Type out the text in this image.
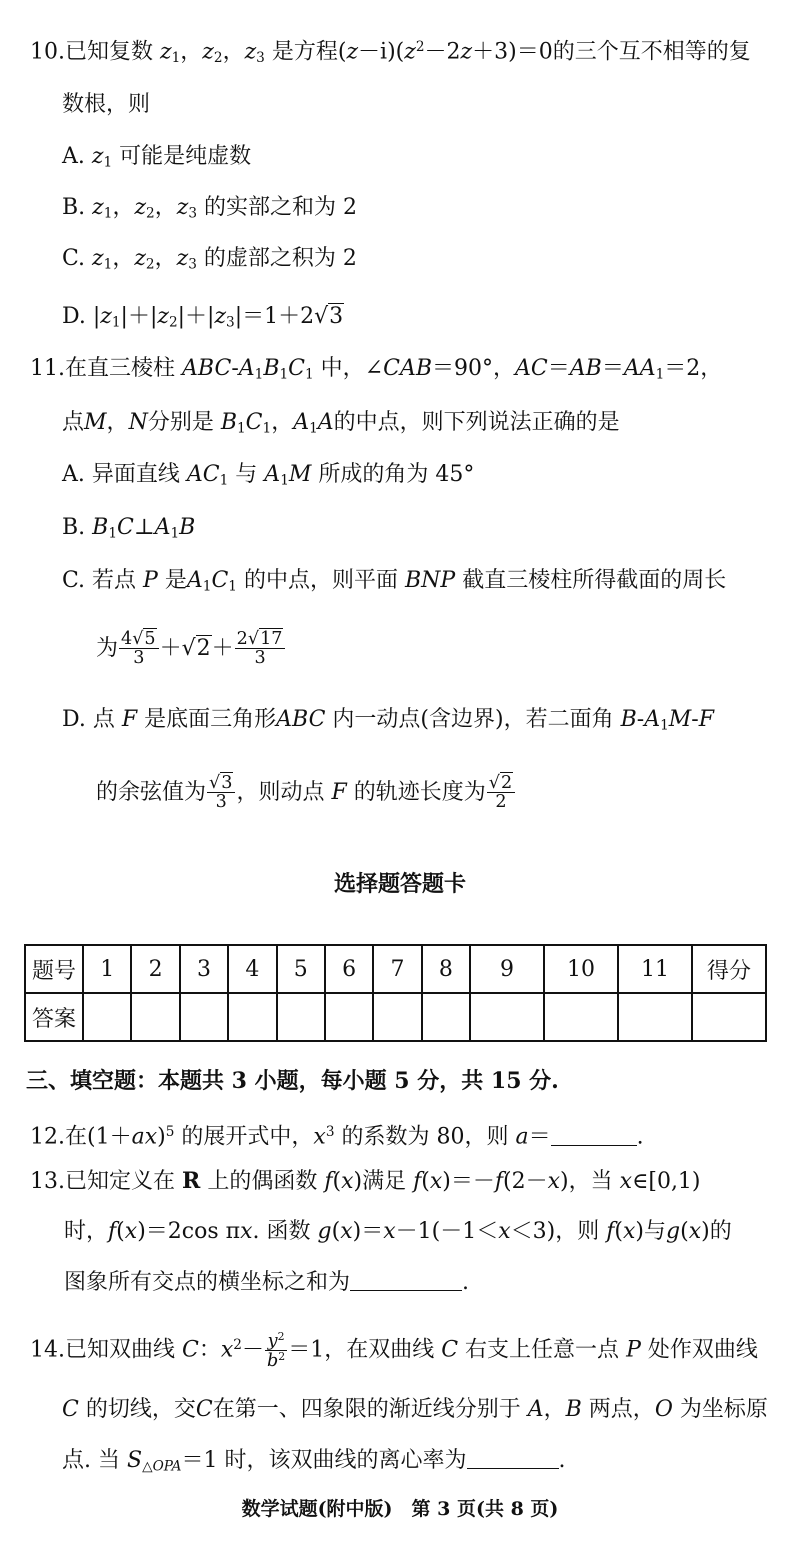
10.已知复数 $z_1$，$z_2$，$z_3$ 是方程$(z-i)(z^2-2z+3)=0$的三个互不相等的复
数根，则
A. $z_1$ 可能是纯虚数
B. $z_1$，$z_2$，$z_3$ 的实部之和为 2
C. $z_1$，$z_2$，$z_3$ 的虚部之积为 2
D. $|z_1|+|z_2|+|z_3|=1+2√3$
11.在直三棱柱 ABC-$A_1B_1C_1$ 中，∠CAB＝90°，$AC=AB=AA_1=2$，
点M，N分别是 $B_1C_1$，$A_1A$的中点，则下列说法正确的是
A. 异面直线 $AC_1$ 与 $A_1M$ 所成的角为 45°
B. $B_1C\perp A_1B$
C. 若点 P 是$A_1C_1$ 的中点，则平面 BNP 截直三棱柱所得截面的周长
为 $\frac{4√5}{3} +√2+ \frac{2√17}{3}$
D. 点 F 是底面三角形ABC 内一动点(含边界)，若二面角 $B-A_1M-F$
的余弦值为 $\frac{√3}{3}$ ，则动点 F 的轨迹长度为 $\frac{√2}{2}$
选择题答题卡
题号	1	2	3	4	5	6	7	8	9	10	11	得分
答案												
三、填空题：本题共 3 小题，每小题 5 分，共 15 分.
12.在$(1+ax)^5$ 的展开式中，$x^3$ 的系数为 80，则 a＝	.
13.已知定义在 R 上的偶函数 f(x)满足 f(x)＝－f(2－x)，当 x∈[0,1)
时，f(x)＝2cos πx. 函数 g(x)＝x－1(－1＜x＜3)，则 f(x)与g(x)的
图象所有交点的横坐标之和为	.
14.已知双曲线 C：$x^2- \frac{y^2}{b^2} =1$，在双曲线 C 右支上任意一点 P 处作双曲线
C 的切线，交C在第一、四象限的渐近线分别于 A，B 两点，O 为坐标原
点. 当 $S_{\triangle OPA}=1$ 时，该双曲线的离心率为	.
数学试题(附中版)　第 3 页(共 8 页)
